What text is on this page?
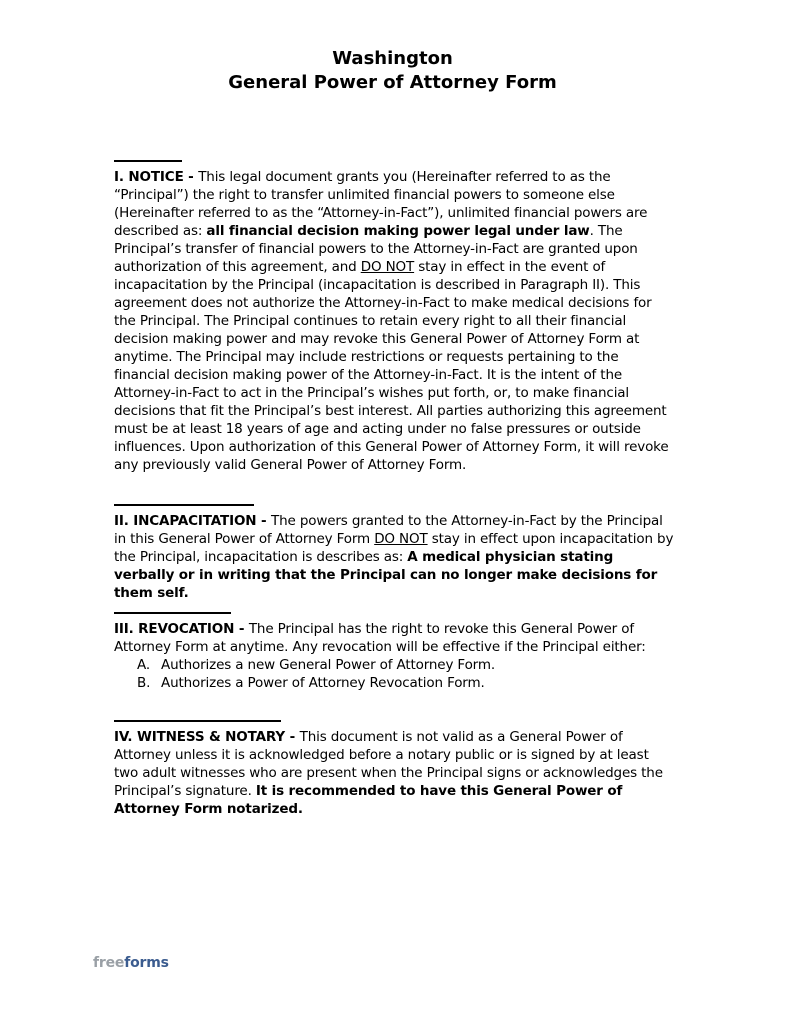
Washington
General Power of Attorney Form
I. NOTICE - This legal document grants you (Hereinafter referred to as the “Principal”) the right to transfer unlimited financial powers to someone else (Hereinafter referred to as the “Attorney-in-Fact”), unlimited financial powers are described as: all financial decision making power legal under law. The Principal’s transfer of financial powers to the Attorney-in-Fact are granted upon authorization of this agreement, and DO NOT stay in effect in the event of incapacitation by the Principal (incapacitation is described in Paragraph II). This agreement does not authorize the Attorney-in-Fact to make medical decisions for the Principal. The Principal continues to retain every right to all their financial decision making power and may revoke this General Power of Attorney Form at anytime. The Principal may include restrictions or requests pertaining to the financial decision making power of the Attorney-in-Fact. It is the intent of the Attorney-in-Fact to act in the Principal’s wishes put forth, or, to make financial decisions that fit the Principal’s best interest. All parties authorizing this agreement must be at least 18 years of age and acting under no false pressures or outside influences. Upon authorization of this General Power of Attorney Form, it will revoke any previously valid General Power of Attorney Form.
II. INCAPACITATION - The powers granted to the Attorney-in-Fact by the Principal in this General Power of Attorney Form DO NOT stay in effect upon incapacitation by the Principal, incapacitation is describes as: A medical physician stating verbally or in writing that the Principal can no longer make decisions for them self.
III. REVOCATION - The Principal has the right to revoke this General Power of Attorney Form at anytime. Any revocation will be effective if the Principal either:
A. Authorizes a new General Power of Attorney Form.
B. Authorizes a Power of Attorney Revocation Form.
IV. WITNESS & NOTARY - This document is not valid as a General Power of Attorney unless it is acknowledged before a notary public or is signed by at least two adult witnesses who are present when the Principal signs or acknowledges the Principal’s signature. It is recommended to have this General Power of Attorney Form notarized.
freeforms
